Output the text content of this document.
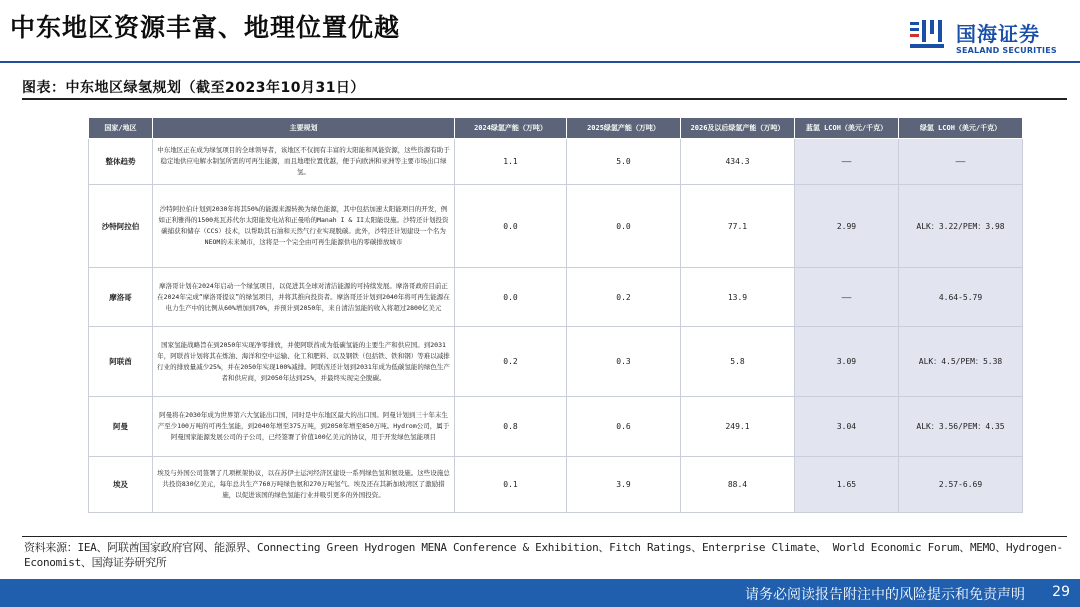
中东地区资源丰富、地理位置优越	国海证券
SEALAND SECURITIES
图表：中东地区绿氢规划（截至2023年10月31日）
国家/地区	主要规划	2024绿氢产能（万吨）	2025绿氢产能（万吨）	2026及以后绿氢产能（万吨）	蓝氢 LCOH（美元/千克）	绿氢 LCOH（美元/千克）
整体趋势	中东地区正在成为绿氢项目的全球领导者，该地区不仅拥有丰富的太阳能和风能资源，这些资源有助于稳定地供应电解水制氢所需的可再生能源，而且地理位置优越，便于向欧洲和亚洲等主要市场出口绿氢。	1.1	5.0	434.3	——	——
沙特阿拉伯	沙特阿拉伯计划到2030年将其50%的能源来源转换为绿色能源，其中包括加速太阳能项目的开发，例如正利雅得的1500兆瓦苏代尔太阳能发电站和正曼哈的Manah I & II太阳能设施。沙特还计划投资碳捕获和储存（CCS）技术，以帮助其石油和天然气行业实现脱碳。此外，沙特还计划建设一个名为NEOM的未来城市，这将是一个完全由可再生能源供电的零碳排放城市	0.0	0.0	77.1	2.99	ALK：3.22/PEM：3.98
摩洛哥	摩洛哥计划在2024年启动一个绿氢项目，以促进其全球对清洁能源的可持续发展。摩洛哥政府目前正在2024年完成“摩洛哥提议”的绿氢项目，并将其推向投资者。摩洛哥还计划到2040年将可再生能源在电力生产中的比例从60%增加到70%，并预计到2050年，来自清洁氢能的收入将超过2800亿美元	0.0	0.2	13.9	——	4.64-5.79
阿联酋	国家氢能战略旨在到2050年实现净零排放，并使阿联酋成为低碳氢能的主要生产和供应国。到2031年，阿联酋计划将其在炼油、海洋和空中运输、化工和肥料、以及钢铁（包括铁、铁和钢）等难以减排行业的排放量减少25%，并在2050年实现100%减排。阿联酋还计划到2031年成为低碳氢能的绿色生产者和供应商，到2050年达到25%，并最终实现完全脱碳。	0.2	0.3	5.8	3.09	ALK：4.5/PEM：5.38
阿曼	阿曼将在2030年成为世界第六大氢能出口国，同时是中东地区最大的出口国。阿曼计划到三十年末生产至少100万吨的可再生氢能，到2040年增至375万吨，到2050年增至850万吨。Hydrom公司，属于阿曼国家能源发展公司的子公司，已经签署了价值100亿美元的协议，用于开发绿色氢能项目	0.8	0.6	249.1	3.04	ALK：3.56/PEM：4.35
埃及	埃及与外国公司签署了几项框架协议，以在苏伊士运河经济区建设一系列绿色氢和氨设施。这些设施总共投资830亿美元，每年总共生产760万吨绿色氨和270万吨氢气。埃及还在其新加坡湾区了激励措施，以促进该国的绿色氢能行业并吸引更多的外国投资。	0.1	3.9	88.4	1.65	2.57-6.69
资料来源：IEA、阿联酋国家政府官网、能源界、Connecting Green Hydrogen MENA Conference & Exhibition、Fitch Ratings、Enterprise Climate、 World Economic Forum、MEMO、Hydrogen-Economist、国海证券研究所
请务必阅读报告附注中的风险提示和免责声明 29
